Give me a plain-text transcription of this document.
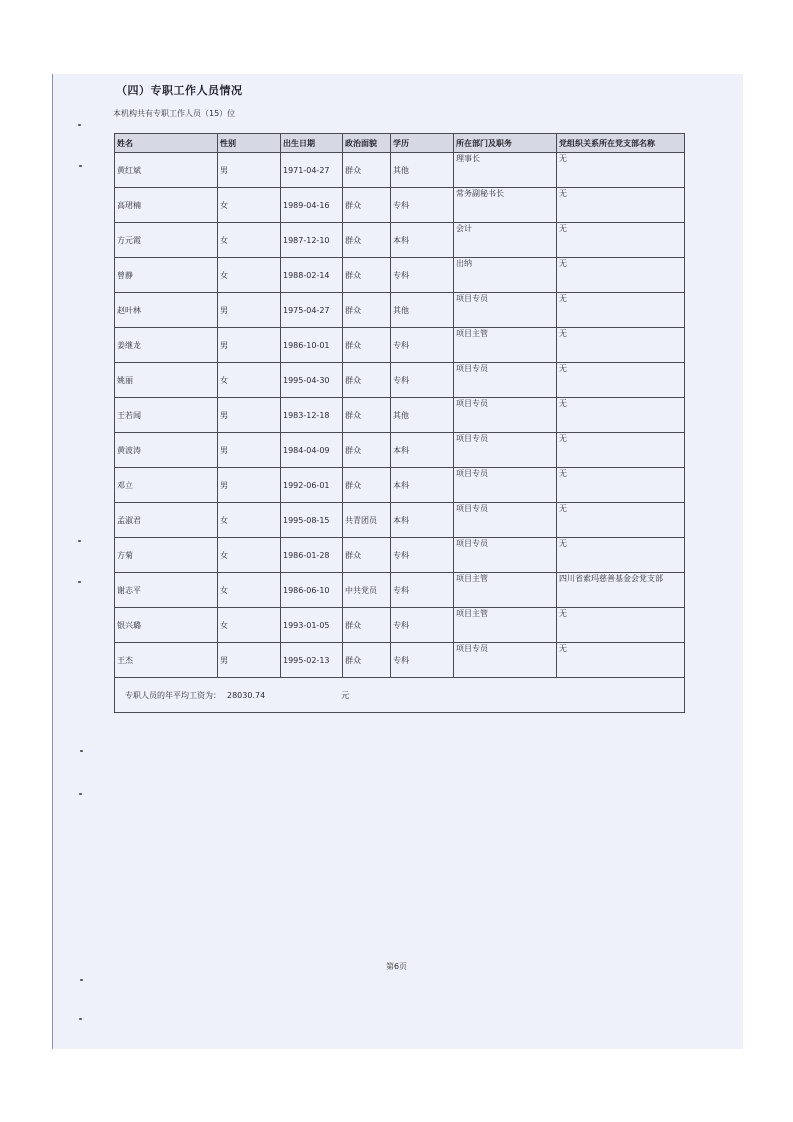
（四）专职工作人员情况
本机构共有专职工作人员（15）位
姓名	性别	出生日期	政治面貌	学历	所在部门及职务	党组织关系所在党支部名称
黄红斌	男	1971-04-27	群众	其他	理事长	无
高珺楠	女	1989-04-16	群众	专科	常务副秘书长	无
方元霞	女	1987-12-10	群众	本科	会计	无
曾静	女	1988-02-14	群众	专科	出纳	无
赵叶林	男	1975-04-27	群众	其他	项目专员	无
姜继龙	男	1986-10-01	群众	专科	项目主管	无
姚丽	女	1995-04-30	群众	专科	项目专员	无
王若闻	男	1983-12-18	群众	其他	项目专员	无
黄波涛	男	1984-04-09	群众	本科	项目专员	无
邓立	男	1992-06-01	群众	本科	项目专员	无
孟淑君	女	1995-08-15	共青团员	本科	项目专员	无
方菊	女	1986-01-28	群众	专科	项目专员	无
谢志平	女	1986-06-10	中共党员	专科	项目主管	四川省索玛慈善基金会党支部
银兴璐	女	1993-01-05	群众	专科	项目主管	无
王杰	男	1995-02-13	群众	专科	项目专员	无
专职人员的年平均工资为： 28030.74 元						
第6页
